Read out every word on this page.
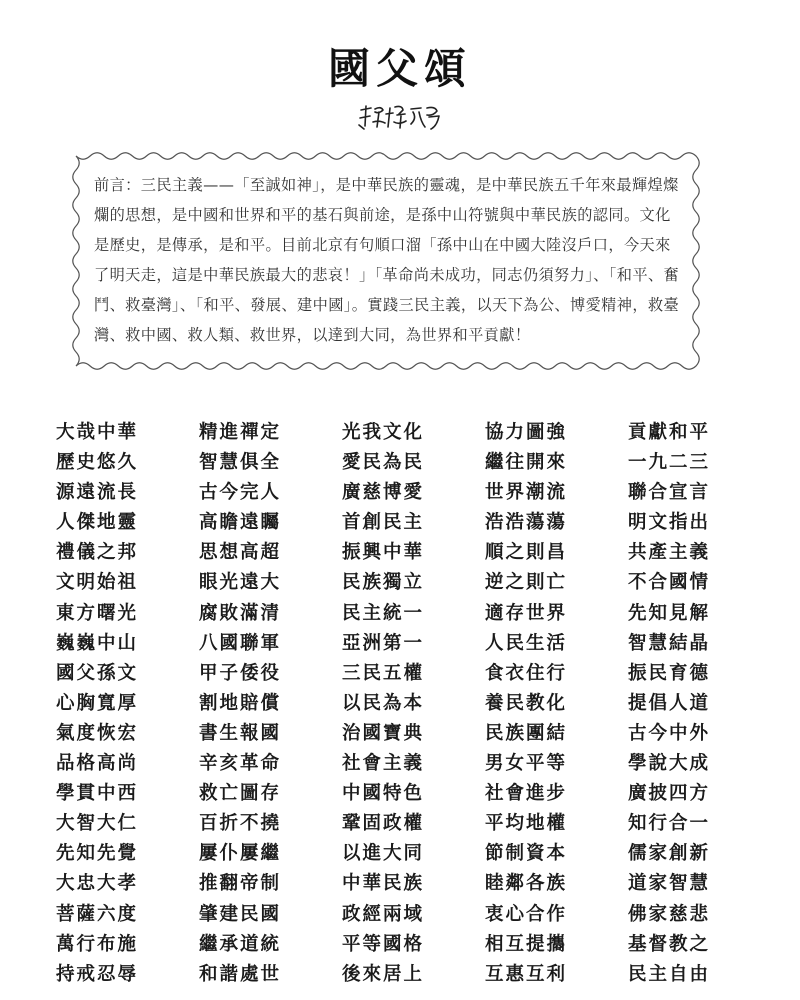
國父頌

前言：三民主義——「至誠如神」，是中華民族的靈魂，是中華民族五千年來最輝煌燦爛的思想，是中國和世界和平的基石與前途，是孫中山符號與中華民族的認同。文化是歷史，是傳承，是和平。目前北京有句順口溜「孫中山在中國大陸沒戶口，今天來了明天走，這是中華民族最大的悲哀！」「革命尚未成功，同志仍須努力」、「和平、奮鬥、救臺灣」、「和平、發展、建中國」。實踐三民主義，以天下為公、博愛精神，救臺灣、救中國、救人類、救世界，以達到大同，為世界和平貢獻！

大哉中華	精進禪定	光我文化	協力圖強	貢獻和平
歷史悠久	智慧俱全	愛民為民	繼往開來	一九二三
源遠流長	古今完人	廣慈博愛	世界潮流	聯合宣言
人傑地靈	高瞻遠矚	首創民主	浩浩蕩蕩	明文指出
禮儀之邦	思想高超	振興中華	順之則昌	共產主義
文明始祖	眼光遠大	民族獨立	逆之則亡	不合國情
東方曙光	腐敗滿清	民主統一	適存世界	先知見解
巍巍中山	八國聯軍	亞洲第一	人民生活	智慧結晶
國父孫文	甲子倭役	三民五權	食衣住行	振民育德
心胸寬厚	割地賠償	以民為本	養民教化	提倡人道
氣度恢宏	書生報國	治國寶典	民族團結	古今中外
品格高尚	辛亥革命	社會主義	男女平等	學說大成
學貫中西	救亡圖存	中國特色	社會進步	廣披四方
大智大仁	百折不撓	鞏固政權	平均地權	知行合一
先知先覺	屢仆屢繼	以進大同	節制資本	儒家創新
大忠大孝	推翻帝制	中華民族	睦鄰各族	道家智慧
菩薩六度	肇建民國	政經兩域	衷心合作	佛家慈悲
萬行布施	繼承道統	平等國格	相互提攜	基督教之
持戒忍辱	和諧處世	後來居上	互惠互利	民主自由
